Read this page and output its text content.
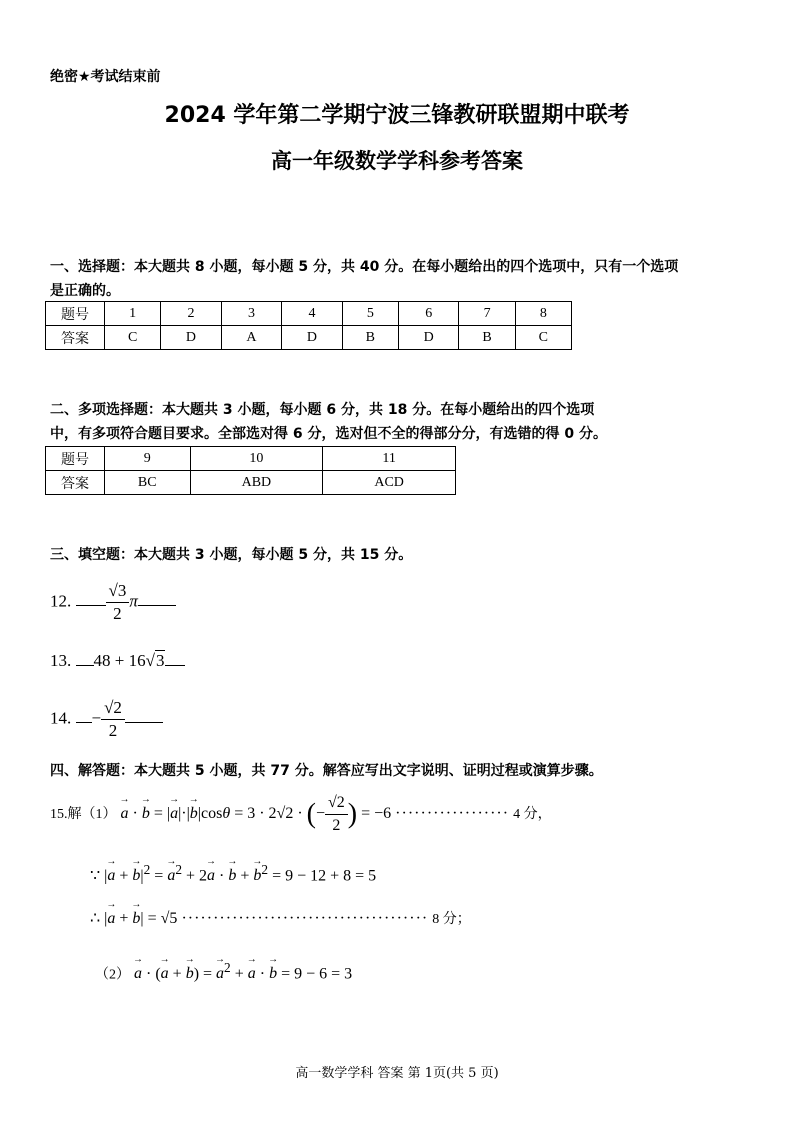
绝密★考试结束前
2024 学年第二学期宁波三锋教研联盟期中联考
高一年级数学学科参考答案
一、选择题：本大题共 8 小题，每小题 5 分，共 40 分。在每小题给出的四个选项中，只有一个选项
是正确的。
题号	1	2	3	4	5	6	7	8
答案	C	D	A	D	B	D	B	C
二、多项选择题：本大题共 3 小题，每小题 6 分，共 18 分。在每小题给出的四个选项
中，有多项符合题目要求。全部选对得 6 分，选对但不全的得部分分，有选错的得 0 分。
题号	9	10	11
答案	BC	ABD	ACD
三、填空题：本大题共 3 小题，每小题 5 分，共 15 分。
12. $\frac{√3}{2}$ π
13. 48 + 16√3
14. − $\frac{√2}{2}$
四、解答题：本大题共 5 小题，共 77 分。解答应写出文字说明、证明过程或演算步骤。
15.解（1） → a · → b = |→ a|·|→ b|cosθ = 3 · 2√2 · (− $\frac{√2}{2}$ ) = −6 ·················· 4 分，
∵ |→ a + → $b|^2$ = → $a^2 + 2\to a$ · → b + → $b^2 = 9 - 12 + 8 = 5$
∴ |→ a + → b| = √5 ······································· 8 分；
（2） → a · (→ a + → b) = → $a^2$ + → a · → b = 9 − 6 = 3
高一数学学科 答案 第 1页(共 5 页)
